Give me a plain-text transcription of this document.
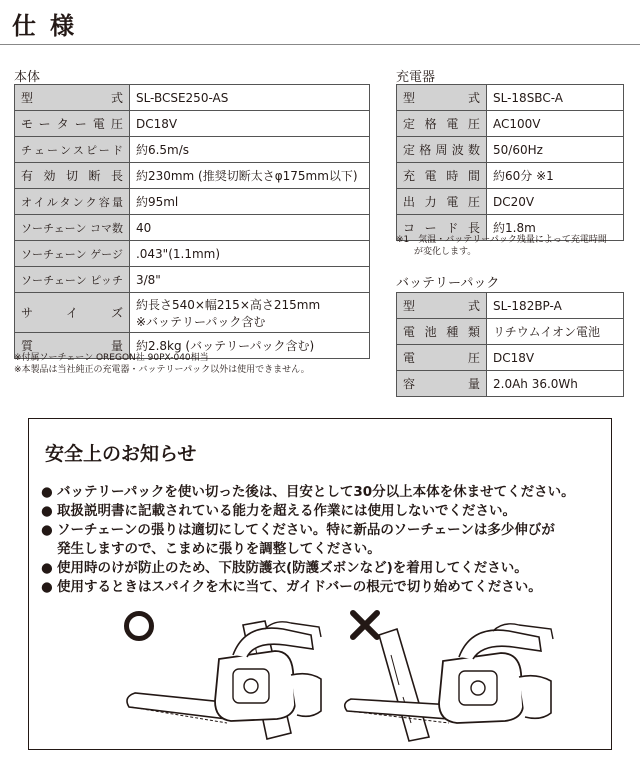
仕様
本体
型　　　式	SL-BCSE250-AS
モーター電圧	DC18V
チェーンスピード	約6.5m/s
有効切断長	約230mm (推奨切断太さφ175mm以下)
オイルタンク容量	約95ml
ソーチェーン コマ数	40
ソーチェーン ゲージ	.043"(1.1mm)
ソーチェーン ピッチ	3/8"
サ　イ　ズ	約長さ540×幅215×高さ215mm
※バッテリーパック含む

質　　　量	約2.8kg (バッテリーパック含む)
※付属ソーチェーン OREGON社 90PX-040相当
※本製品は当社純正の充電器・バッテリーパック以外は使用できません。
充電器
型　　　式	SL-18SBC-A
定格電圧	AC100V
定格周波数	50/60Hz
充電時間	約60分 ※1
出力電圧	DC20V
コード長	約1.8m
※1　気温・バッテリーパック残量によって充電時間
　　が変化します。
バッテリーパック
型　　　式	SL-182BP-A
電池種類	リチウムイオン電池
電　　　圧	DC18V
容　　　量	2.0Ah 36.0Wh
安全上のお知らせ
● バッテリーパックを使い切った後は、目安として30分以上本体を休ませてください。
● 取扱説明書に記載されている能力を超える作業には使用しないでください。
● ソーチェーンの張りは適切にしてください。特に新品のソーチェーンは多少伸びが
発生しますので、こまめに張りを調整してください。
● 使用時のけが防止のため、下肢防護衣(防護ズボンなど)を着用してください。
● 使用するときはスパイクを木に当て、ガイドバーの根元で切り始めてください。
